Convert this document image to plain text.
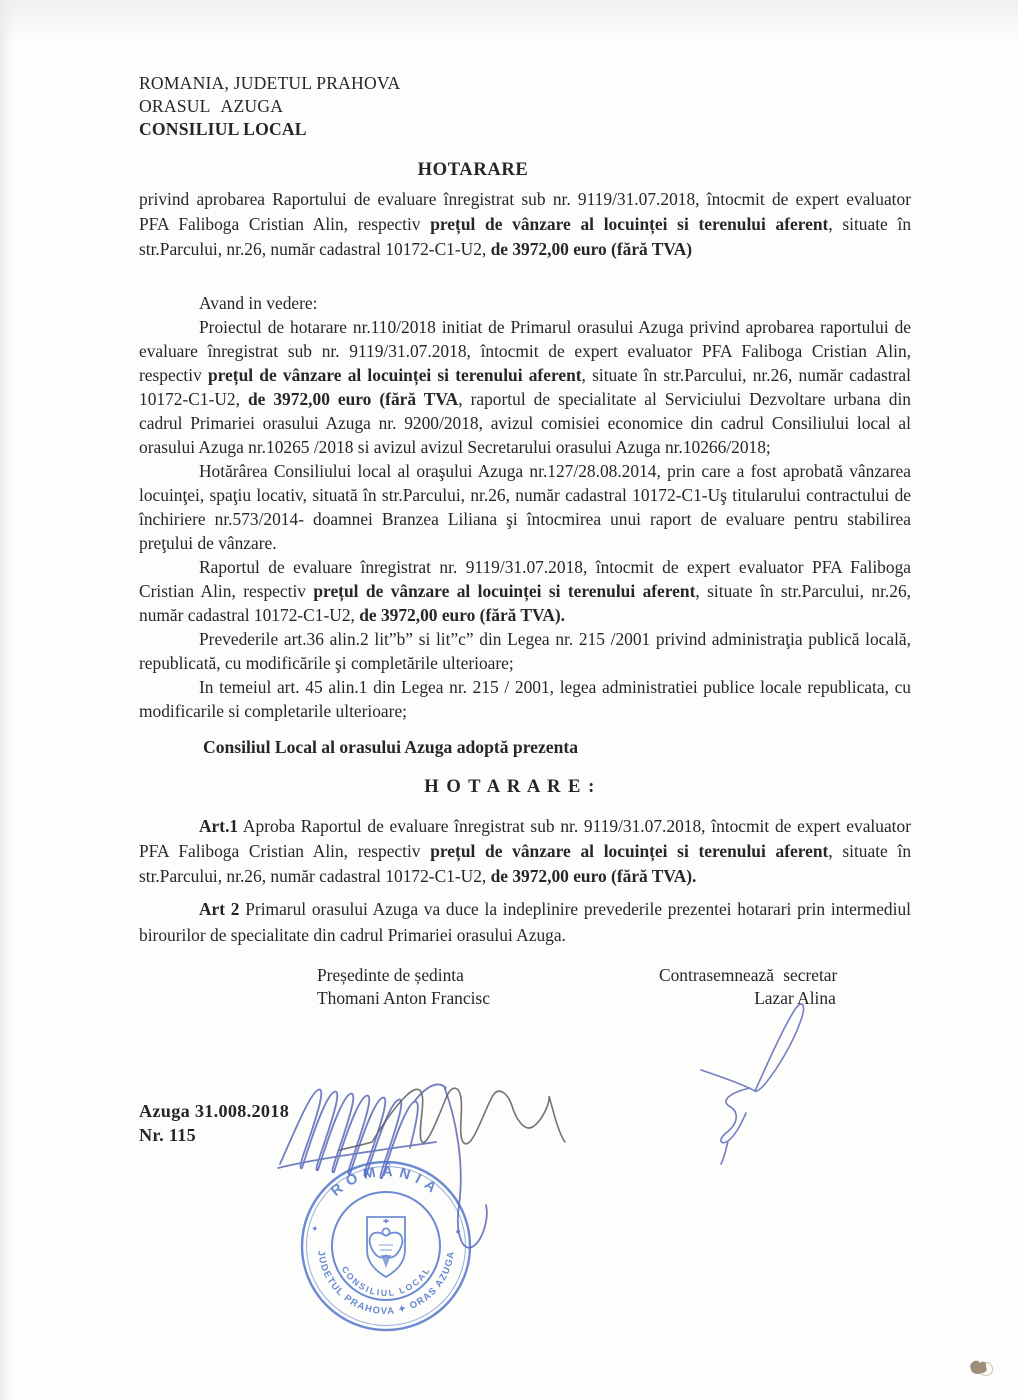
ROMANIA, JUDETUL PRAHOVA
ORASUL AZUGA
CONSILIUL LOCAL
HOTARARE

privind aprobarea Raportului de evaluare înregistrat sub nr. 9119/31.07.2018, întocmit de expert evaluator PFA Faliboga Cristian Alin, respectiv prețul de vânzare al locuinței si terenului aferent, situate în str.Parcului, nr.26, număr cadastral 10172-C1-U2, de 3972,00 euro (fără TVA)

Avand in vedere:

Proiectul de hotarare nr.110/2018 initiat de Primarul orasului Azuga privind aprobarea raportului de evaluare înregistrat sub nr. 9119/31.07.2018, întocmit de expert evaluator PFA Faliboga Cristian Alin, respectiv prețul de vânzare al locuinței si terenului aferent, situate în str.Parcului, nr.26, număr cadastral 10172-C1-U2, de 3972,00 euro (fără TVA, raportul de specialitate al Serviciului Dezvoltare urbana din cadrul Primariei orasului Azuga nr. 9200/2018, avizul comisiei economice din cadrul Consiliului local al orasului Azuga nr.10265 /2018 si avizul avizul Secretarului orasului Azuga nr.10266/2018;

Hotărârea Consiliului local al oraşului Azuga nr.127/28.08.2014, prin care a fost aprobată vânzarea locuinţei, spaţiu locativ, situată în str.Parcului, nr.26, număr cadastral 10172-C1-Uş titularului contractului de închiriere nr.573/2014- doamnei Branzea Liliana şi întocmirea unui raport de evaluare pentru stabilirea preţului de vânzare.

Raportul de evaluare înregistrat nr. 9119/31.07.2018, întocmit de expert evaluator PFA Faliboga Cristian Alin, respectiv prețul de vânzare al locuinței si terenului aferent, situate în str.Parcului, nr.26, număr cadastral 10172-C1-U2, de 3972,00 euro (fără TVA).

Prevederile art.36 alin.2 lit”b” si lit”c” din Legea nr. 215 /2001 privind administraţia publică locală, republicată, cu modificările şi completările ulterioare;

In temeiul art. 45 alin.1 din Legea nr. 215 / 2001, legea administratiei publice locale republicata, cu modificarile si completarile ulterioare;

Consiliul Local al orasului Azuga adoptă prezenta

H O T A R A R E :

Art.1 Aproba Raportul de evaluare înregistrat sub nr. 9119/31.07.2018, întocmit de expert evaluator PFA Faliboga Cristian Alin, respectiv prețul de vânzare al locuinței si terenului aferent, situate în str.Parcului, nr.26, număr cadastral 10172-C1-U2, de 3972,00 euro (fără TVA).

Art 2 Primarul orasului Azuga va duce la indeplinire prevederile prezentei hotarari prin intermediul birourilor de specialitate din cadrul Primariei orasului Azuga.

Președinte de ședinta
Thomani Anton Francisc
Contrasemnează secretar
Lazar Alina
Azuga 31.008.2018
Nr. 115
ROMÂNIA
✦	✦
JUDETUL PRAHOVA ✦ ORAS AZUGA
CONSILIUL LOCAL
